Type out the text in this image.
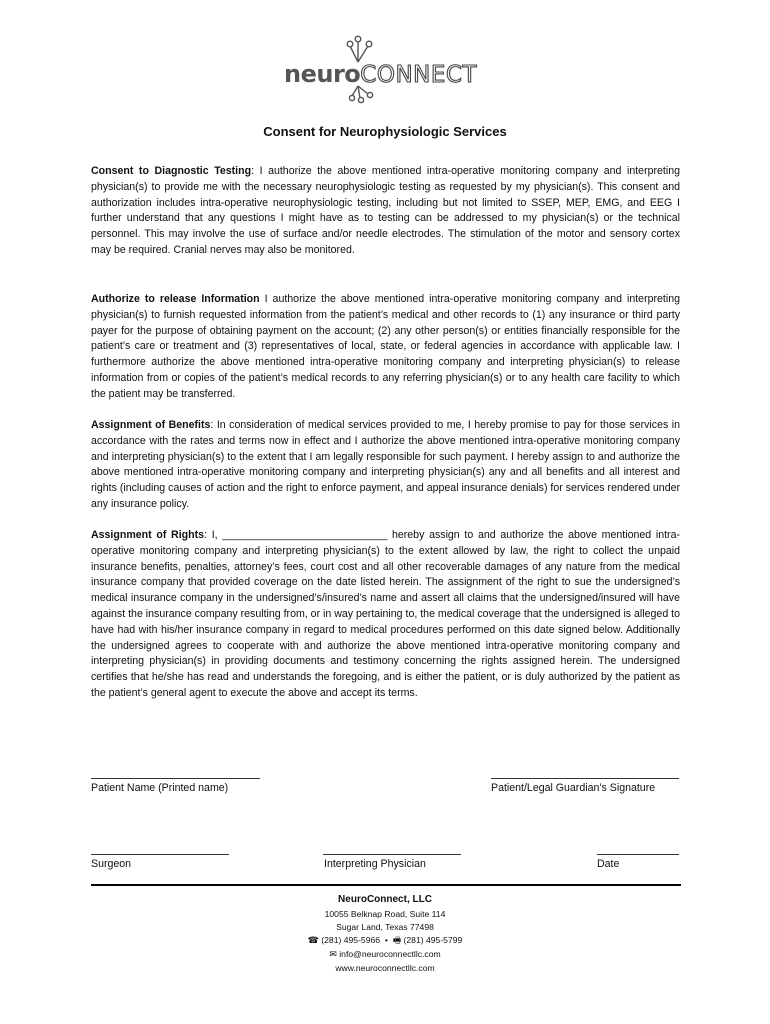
neuroCONNECT
Consent for Neurophysiologic Services

Consent to Diagnostic Testing: I authorize the above mentioned intra-operative monitoring company and interpreting physician(s) to provide me with the necessary neurophysiologic testing as requested by my physician(s). This consent and authorization includes intra-operative neurophysiologic testing, including but not limited to SSEP, MEP, EMG, and EEG I further understand that any questions I might have as to testing can be addressed to my physician(s) or the technical personnel. This may involve the use of surface and/or needle electrodes. The stimulation of the motor and sensory cortex may be required. Cranial nerves may also be monitored.

Authorize to release Information I authorize the above mentioned intra-operative monitoring company and interpreting physician(s) to furnish requested information from the patient’s medical and other records to (1) any insurance or third party payer for the purpose of obtaining payment on the account; (2) any other person(s) or entities financially responsible for the patient’s care or treatment and (3) representatives of local, state, or federal agencies in accordance with applicable law. I furthermore authorize the above mentioned intra-operative monitoring company and interpreting physician(s) to release information from or copies of the patient’s medical records to any referring physician(s) or to any health care facility to which the patient may be transferred.

Assignment of Benefits: In consideration of medical services provided to me, I hereby promise to pay for those services in accordance with the rates and terms now in effect and I authorize the above mentioned intra-operative monitoring company and interpreting physician(s) to the extent that I am legally responsible for such payment. I hereby assign to and authorize the above mentioned intra-operative monitoring company and interpreting physician(s) any and all benefits and all interest and rights (including causes of action and the right to enforce payment, and appeal insurance denials) for services rendered under any insurance policy.

Assignment of Rights: I, ____________________________ hereby assign to and authorize the above mentioned intra-operative monitoring company and interpreting physician(s) to the extent allowed by law, the right to collect the unpaid insurance benefits, penalties, attorney’s fees, court cost and all other recoverable damages of any nature from the medical insurance company that provided coverage on the date listed herein. The assignment of the right to sue the undersigned’s medical insurance company in the undersigned’s/insured’s name and assert all claims that the undersigned/insured will have against the insurance company resulting from, or in way pertaining to, the medical coverage that the undersigned is alleged to have had with his/her insurance company in regard to medical procedures performed on this date signed below. Additionally the undersigned agrees to cooperate with and authorize the above mentioned intra-operative monitoring company and interpreting physician(s) in providing documents and testimony concerning the rights assigned herein. The undersigned certifies that he/she has read and understands the foregoing, and is either the patient, or is duly authorized by the patient as the patient’s general agent to execute the above and accept its terms.

Patient Name (Printed name)	Patient/Legal Guardian’s Signature
Surgeon	Interpreting Physician	Date
NeuroConnect, LLC
10055 Belknap Road, Suite 114
Sugar Land, Texas 77498
☎ (281) 495-5966 • 🖷 (281) 495-5799
✉ info@neuroconnectllc.com
www.neuroconnectllc.com
